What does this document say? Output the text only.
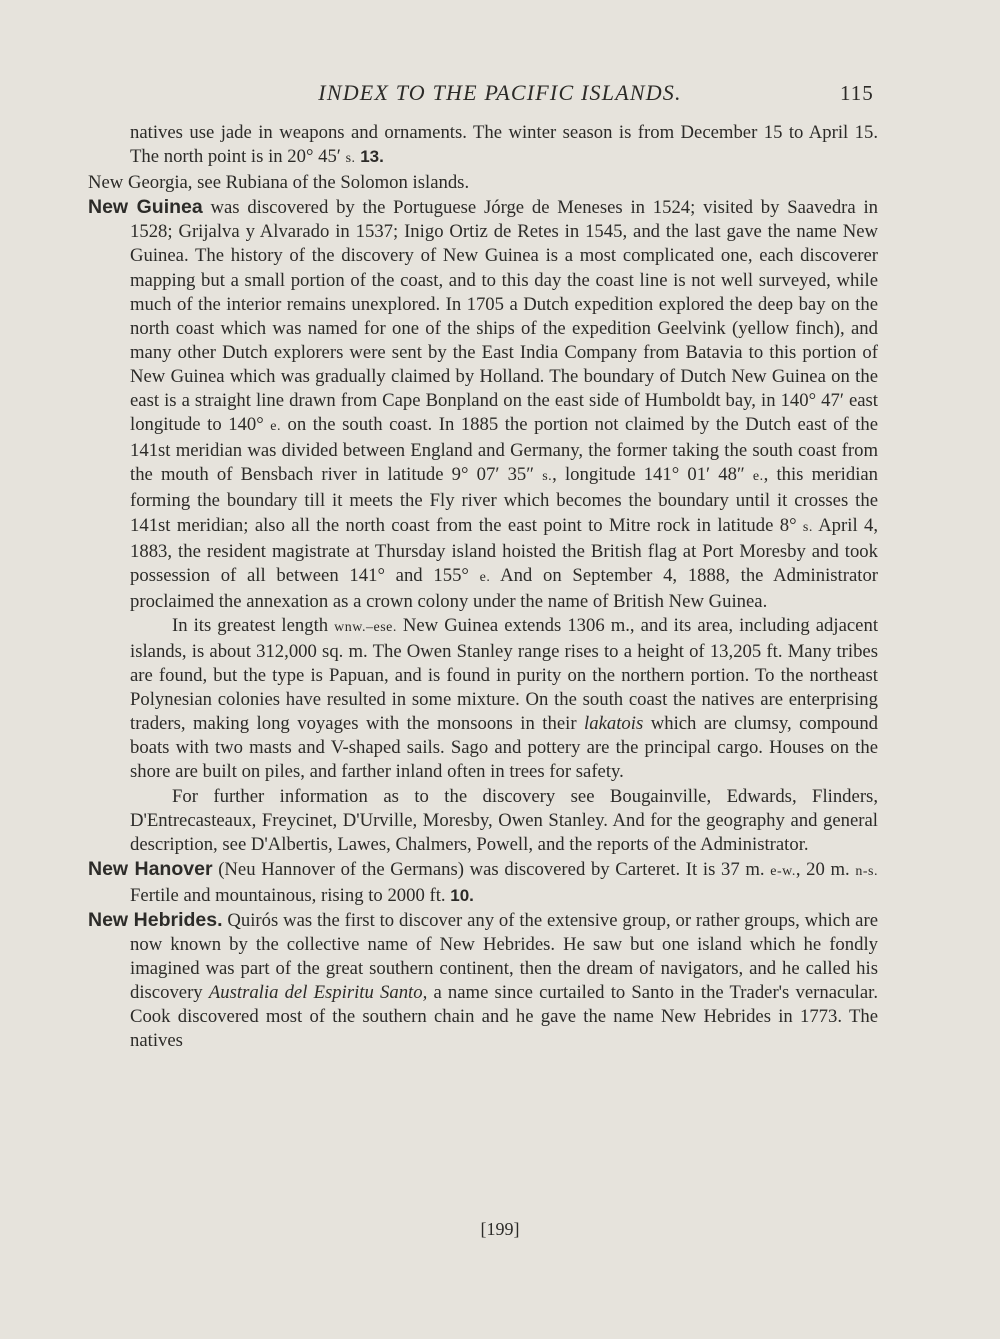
INDEX TO THE PACIFIC ISLANDS.	115

natives use jade in weapons and ornaments. The winter season is from December 15 to April 15. The north point is in 20° 45′ s. 13.

New Georgia, see Rubiana of the Solomon islands.

New Guinea was discovered by the Portuguese Jórge de Meneses in 1524; visited by Saavedra in 1528; Grijalva y Alvarado in 1537; Inigo Ortiz de Retes in 1545, and the last gave the name New Guinea. The history of the discovery of New Guinea is a most complicated one, each discoverer mapping but a small portion of the coast, and to this day the coast line is not well surveyed, while much of the interior remains unexplored. In 1705 a Dutch expedition explored the deep bay on the north coast which was named for one of the ships of the expedition Geelvink (yellow finch), and many other Dutch explorers were sent by the East India Company from Batavia to this portion of New Guinea which was gradually claimed by Holland. The boundary of Dutch New Guinea on the east is a straight line drawn from Cape Bonpland on the east side of Humboldt bay, in 140° 47′ east longitude to 140° e. on the south coast. In 1885 the portion not claimed by the Dutch east of the 141st meridian was divided between England and Germany, the former taking the south coast from the mouth of Bensbach river in latitude 9° 07′ 35″ s., longitude 141° 01′ 48″ e., this meridian forming the boundary till it meets the Fly river which becomes the boundary until it crosses the 141st meridian; also all the north coast from the east point to Mitre rock in latitude 8° s. April 4, 1883, the resident magistrate at Thursday island hoisted the British flag at Port Moresby and took possession of all between 141° and 155° e. And on September 4, 1888, the Administrator proclaimed the annexation as a crown colony under the name of British New Guinea.

In its greatest length wnw.–ese. New Guinea extends 1306 m., and its area, including adjacent islands, is about 312,000 sq. m. The Owen Stanley range rises to a height of 13,205 ft. Many tribes are found, but the type is Papuan, and is found in purity on the northern portion. To the northeast Polynesian colonies have resulted in some mixture. On the south coast the natives are enterprising traders, making long voyages with the monsoons in their lakatois which are clumsy, compound boats with two masts and V-shaped sails. Sago and pottery are the principal cargo. Houses on the shore are built on piles, and farther inland often in trees for safety.

For further information as to the discovery see Bougainville, Edwards, Flinders, D'Entrecasteaux, Freycinet, D'Urville, Moresby, Owen Stanley. And for the geography and general description, see D'Albertis, Lawes, Chalmers, Powell, and the reports of the Administrator.

New Hanover (Neu Hannover of the Germans) was discovered by Carteret. It is 37 m. e-w., 20 m. n-s. Fertile and mountainous, rising to 2000 ft. 10.

New Hebrides. Quirós was the first to discover any of the extensive group, or rather groups, which are now known by the collective name of New Hebrides. He saw but one island which he fondly imagined was part of the great southern continent, then the dream of navigators, and he called his discovery Australia del Espiritu Santo, a name since curtailed to Santo in the Trader's vernacular. Cook discovered most of the southern chain and he gave the name New Hebrides in 1773. The natives

[199]
